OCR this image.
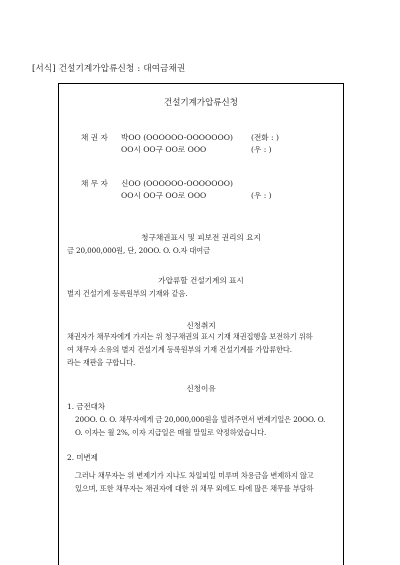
[서식] 건설기계가압류신청 : 대여금채권
건설기계가압류신청
채 권 자 박OO (OOOOOO-OOOOOOO) (전화 : )
OO시 OO구 OO로 OOO	(우 : )
채 무 자 신OO (OOOOOO-OOOOOOO)
OO시 OO구 OO로 OOO	(우 : )
청구채권표시 및 피보전 권리의 요지

금 20,000,000원, 단, 20OO. O. O.자 대여금

가압류할 건설기계의 표시

별지 건설기계 등록원부의 기재와 같음.

신청취지

채권자가 채무자에게 가지는 위 청구채권의 표시 기재 채권집행을 보전하기 위하

여 채무자 소유의 별지 건설기계 등록원부의 기재 건설기계를 가압류한다.

라는 재판을 구합니다.

신청이유
1. 금전대차

20OO. O. O. 채무자에게 금 20,000,000원을 빌려주면서 변제기일은 20OO. O.

O. 이자는 월 2%, 이자 지급일은 매월 말일로 약정하였습니다.

2. 미변제

그러나 채무자는 위 변제기가 지나도 차일피일 미루며 차용금을 변제하지 않고

있으며, 또한 채무자는 채권자에 대한 위 채무 외에도 타에 많은 채무를 부담하
